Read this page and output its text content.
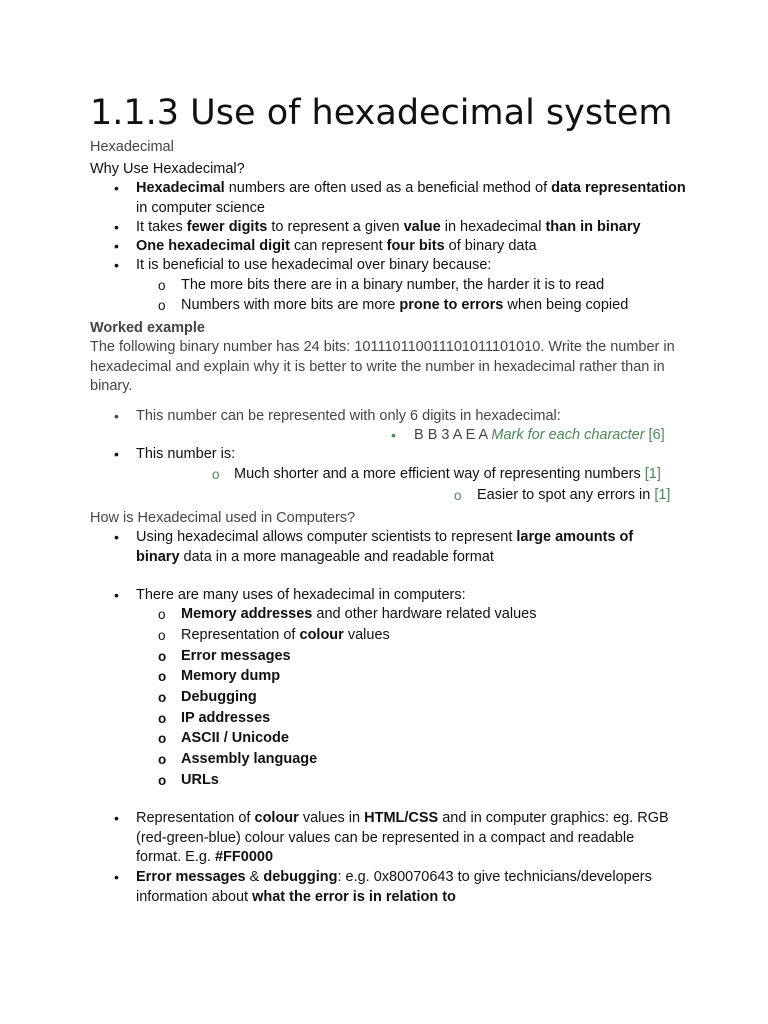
1.1.3 Use of hexadecimal system
Hexadecimal
Why Use Hexadecimal?
• Hexadecimal numbers are often used as a beneficial method of data representation in computer science
• It takes fewer digits to represent a given value in hexadecimal than in binary
• One hexadecimal digit can represent four bits of binary data
• It is beneficial to use hexadecimal over binary because:
o The more bits there are in a binary number, the harder it is to read
o Numbers with more bits are more prone to errors when being copied
Worked example
The following binary number has 24 bits: 101110110011101011101010. Write the number in hexadecimal and explain why it is better to write the number in hexadecimal rather than in binary.
• This number can be represented with only 6 digits in hexadecimal:
• B B 3 A E A Mark for each character [6]
• This number is:
o Much shorter and a more efficient way of representing numbers [1]
o Easier to spot any errors in [1]
How is Hexadecimal used in Computers?
• Using hexadecimal allows computer scientists to represent large amounts of binary data in a more manageable and readable format
• There are many uses of hexadecimal in computers:
o Memory addresses and other hardware related values
o Representation of colour values
o Error messages
o Memory dump
o Debugging
o IP addresses
o ASCII / Unicode
o Assembly language
o URLs
• Representation of colour values in HTML/CSS and in computer graphics: eg. RGB (red-green-blue) colour values can be represented in a compact and readable format. E.g. #FF0000
• Error messages & debugging: e.g. 0x80070643 to give technicians/developers information about what the error is in relation to
